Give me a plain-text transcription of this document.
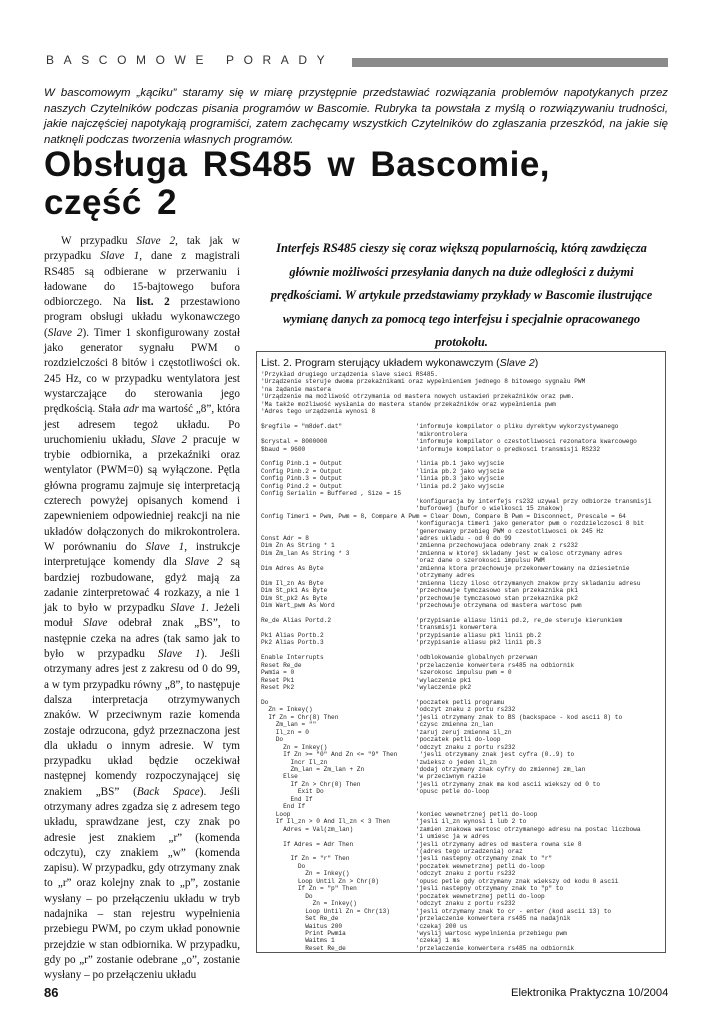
BASCOMOWE PORADY
W bascomowym „kąciku” staramy się w miarę przystępnie przedstawiać rozwiązania problemów napotykanych przez naszych Czytelników podczas pisania programów w Bascomie. Rubryka ta powstała z myślą o rozwiązywaniu trudności, jakie najczęściej napotykają programiści, zatem zachęcamy wszystkich Czytelników do zgłaszania przeszkód, na jakie się natknęli podczas tworzenia własnych programów.
Obsługa RS485 w Bascomie,
część 2

W przypadku Slave 2, tak jak w przypadku Slave 1, dane z magistrali RS485 są odbierane w przerwaniu i ładowane do 15-bajtowego bufora odbiorczego. Na list. 2 przestawiono program obsługi układu wykonawczego (Slave 2). Timer 1 skonfigurowany został jako generator sygnału PWM o rozdzielczości 8 bitów i częstotliwości ok. 245 Hz, co w przypadku wentylatora jest wystarczające do sterowania jego prędkością. Stała adr ma wartość „8”, która jest adresem tegoż układu. Po uruchomieniu układu, Slave 2 pracuje w trybie odbiornika, a przekaźniki oraz wentylator (PWM=0) są wyłączone. Pętla główna programu zajmuje się interpretacją czterech powyżej opisanych komend i zapewnieniem odpowiedniej reakcji na nie układów dołączonych do mikrokontrolera. W porównaniu do Slave 1, instrukcje interpretujące komendy dla Slave 2 są bardziej rozbudowane, gdyż mają za zadanie zinterpretować 4 rozkazy, a nie 1 jak to było w przypadku Slave 1. Jeżeli moduł Slave odebrał znak „BS”, to następnie czeka na adres (tak samo jak to było w przypadku Slave 1). Jeśli otrzymany adres jest z zakresu od 0 do 99, a w tym przypadku równy „8”, to następuje dalsza interpretacja otrzymywanych znaków. W przeciwnym razie komenda zostaje odrzucona, gdyż przeznaczona jest dla układu o innym adresie. W tym przypadku układ będzie oczekiwał następnej komendy rozpoczynającej się znakiem „BS” (Back Space). Jeśli otrzymany adres zgadza się z adresem tego układu, sprawdzane jest, czy znak po adresie jest znakiem „r” (komenda odczytu), czy znakiem „w” (komenda zapisu). W przypadku, gdy otrzymany znak to „r” oraz kolejny znak to „p”, zostanie wysłany – po przełączeniu układu w tryb nadajnika – stan rejestru wypełnienia przebiegu PWM, po czym układ ponownie przejdzie w stan odbiornika. W przypadku, gdy po „r” zostanie odebrane „o”, zostanie wysłany – po przełączeniu układu

Interfejs RS485 cieszy się coraz większą popularnością, którą zawdzięcza głównie możliwości przesyłania danych na duże odległości z dużymi prędkościami. W artykule przedstawiamy przykłady w Bascomie ilustrujące wymianę danych za pomocą tego interfejsu i specjalnie opracowanego protokołu.
List. 2. Program sterujący układem wykonawczym (Slave 2)
'Przykład drugiego urządzenia slave sieci RS485.
'Urządzenie steruje dwoma przekaźnikami oraz wypełnieniem jednego 8 bitowego sygnału PWM
'na żądanie mastera
'Urządzenie ma możliwość otrzymania od mastera nowych ustawień przekaźników oraz pwm.
'Ma także możliwość wysłania do mastera stanów przekaźników oraz wypełnienia pwm
'Adres tego urządzenia wynosi 8

$regfile = "m8def.dat"                    'informuje kompilator o pliku dyrektyw wykorzystywanego
'mikrontrolera
$crystal = 8000000                        'informuje kompilator o czestotliwosci rezonatora kwarcowego
$baud = 9600                              'informuje kompilator o predkosci transmisji RS232

Config Pinb.1 = Output                    'linia pb.1 jako wyjscie
Config Pinb.2 = Output                    'linia pb.2 jako wyjscie
Config Pinb.3 = Output                    'linia pb.3 jako wyjscie
Config Pind.2 = Output                    'linia pd.2 jako wyjscie
Config Serialin = Buffered , Size = 15
'konfiguracja by interfejs rs232 uzywal przy odbiorze transmisji
'buforowej (bufor o wielkosci 15 znakow)
Config Timer1 = Pwm, Pwm = 8, Compare A Pwm = Clear Down, Compare B Pwm = Disconnect, Prescale = 64
'konfiguracja timer1 jako generator pwm o rozdzielczosci 8 bit
'generowany przebieg PWM o czestotliwosci ok 245 Hz
Const Adr = 8                             'adres ukladu - od 0 do 99
Dim Zn As String * 1                      'zmienna przechowujaca odebrany znak z rs232
Dim Zm_lan As String * 3                  'zmienna w ktorej skladany jest w calosc otrzymany adres
'oraz dane o szerokosci impulsu PWM
Dim Adres As Byte                         'zmienna ktora przechowuje przekonwertowany na dziesietnie
'otrzymany adres
Dim Il_zn As Byte                         'zmienna liczy ilosc otrzymanych znakow przy skladaniu adresu
Dim St_pk1 As Byte                        'przechowuje tymczasowo stan przekaznika pk1
Dim St_pk2 As Byte                        'przechowuje tymczasowo stan przekaznika pk2
Dim Wart_pwm As Word                      'przechowuje otrzymana od mastera wartosc pwm

Re_de Alias Portd.2                       'przypisanie aliasu linii pd.2, re_de steruje kierunkiem
'transmisji konwertera
Pk1 Alias Portb.2                         'przypisanie aliasu pk1 linii pb.2
Pk2 Alias Portb.3                         'przypisanie aliasu pk2 linii pb.3

Enable Interrupts                         'odblokowanie globalnych przerwan
Reset Re_de                               'przelaczenie konwertera rs485 na odbiornik
Pwm1a = 0                                 'szerokosc impulsu pwm = 0
Reset Pk1                                 'wylaczenie pk1
Reset Pk2                                 'wylaczenie pk2

Do                                        'poczatek petli programu
Zn = Inkey()                            'odczyt znaku z portu rs232
If Zn = Chr(8) Then                     'jesli otrzymany znak to BS (backspace - kod ascii 8) to
Zm_lan = ""                           'czysc zmienna zn_lan
Il_zn = 0                             'zaruj zeruj zmienna il_zn
Do                                    'poczatek petli do-loop
Zn = Inkey()                        'odczyt znaku z portu rs232
If Zn >= "0" And Zn <= "9" Then      'jesli otrzymany znak jest cyfra (0..9) to
Incr Il_zn                        'zwieksz o jeden il_zn
Zm_lan = Zm_lan + Zn              'dodaj otrzymany znak cyfry do zmiennej zm_lan
Else                                'w przeciwnym razie
If Zn > Chr(0) Then               'jesli otrzymany znak ma kod ascii wiekszy od 0 to
Exit Do                         'opusc petle do-loop
End If
End If
Loop                                  'koniec wewnetrznej petli do-loop
If Il_zn > 0 And Il_zn < 3 Then       'jesli il_zn wynosi 1 lub 2 to
Adres = Val(zm_lan)                 'zamien znakowa wartosc otrzymanego adresu na postac liczbowa
'i umiesc ja w adres
If Adres = Adr Then                 'jesli otrzymany adres od mastera rowna sie 8
'(adres tego urzadzenia) oraz
If Zn = "r" Then                  'jesli nastepny otrzymany znak to "r"
Do                              'poczatek wewnetrznej petli do-loop
Zn = Inkey()                  'odczyt znaku z portu rs232
Loop Until Zn > Chr(0)          'opusc petle gdy otrzymany znak wiekszy od kodu 0 ascii
If Zn = "p" Then                'jesli nastepny otrzymany znak to "p" to
Do                            'poczatek wewnetrznej petli do-loop
Zn = Inkey()                'odczyt znaku z portu rs232
Loop Until Zn = Chr(13)       'jesli otrzymany znak to cr - enter (kod ascii 13) to
Set Re_de                     'przelaczenie konwertera rs485 na nadajnik
Waitus 200                    'czekaj 200 us
Print Pwm1a                   'wyslij wartosc wypelnienia przebiegu pwm
Waitms 1                      'czekaj 1 ms
Reset Re_de                   'przelaczenie konwertera rs485 na odbiornik
86	Elektronika Praktyczna 10/2004
